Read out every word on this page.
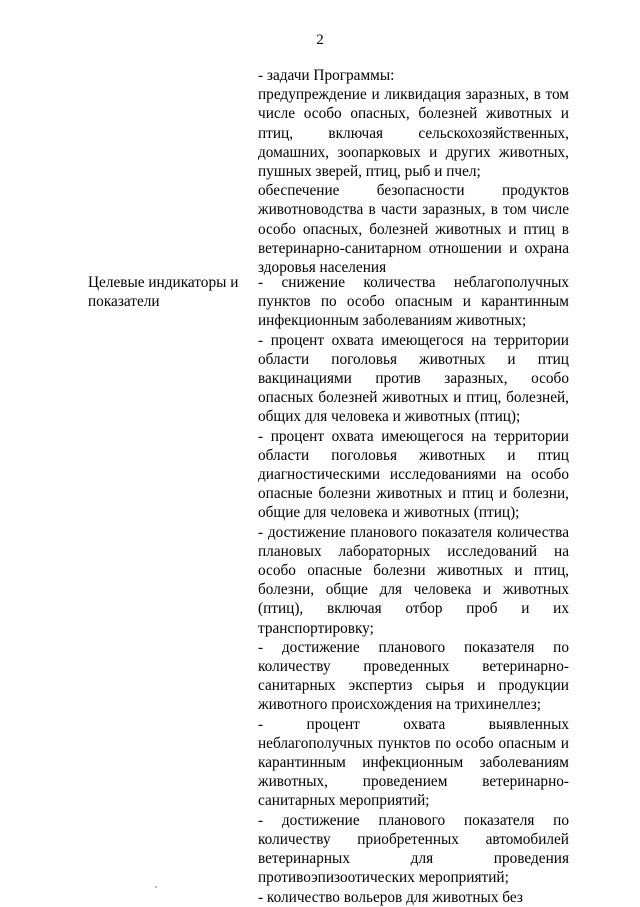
2

- задачи Программы:

предупреждение и ликвидация заразных, в том числе особо опасных, болезней животных и птиц, включая сельскохозяйственных, домашних, зоопарковых и других животных, пушных зверей, птиц, рыб и пчел;

обеспечение безопасности продуктов животноводства в части заразных, в том числе особо опасных, болезней животных и птиц в ветеринарно-санитарном отношении и охрана здоровья населения

Целевые индикаторы и показатели

- снижение количества неблагополучных пунктов по особо опасным и карантинным инфекционным заболеваниям животных;

- процент охвата имеющегося на территории области поголовья животных и птиц вакцинациями против заразных, особо опасных болезней животных и птиц, болезней, общих для человека и животных (птиц);

- процент охвата имеющегося на территории области поголовья животных и птиц диагностическими исследованиями на особо опасные болезни животных и птиц и болезни, общие для человека и животных (птиц);

- достижение планового показателя количества плановых лабораторных исследований на особо опасные болезни животных и птиц, болезни, общие для человека и животных (птиц), включая отбор проб и их транспортировку;

- достижение планового показателя по количеству проведенных ветеринарно-санитарных экспертиз сырья и продукции животного происхождения на трихинеллез;

- процент охвата выявленных неблагополучных пунктов по особо опасным и карантинным инфекционным заболеваниям животных, проведением ветеринарно-санитарных мероприятий;

- достижение планового показателя по количеству приобретенных автомобилей ветеринарных для проведения противоэпизоотических мероприятий;

- количество вольеров для животных без
